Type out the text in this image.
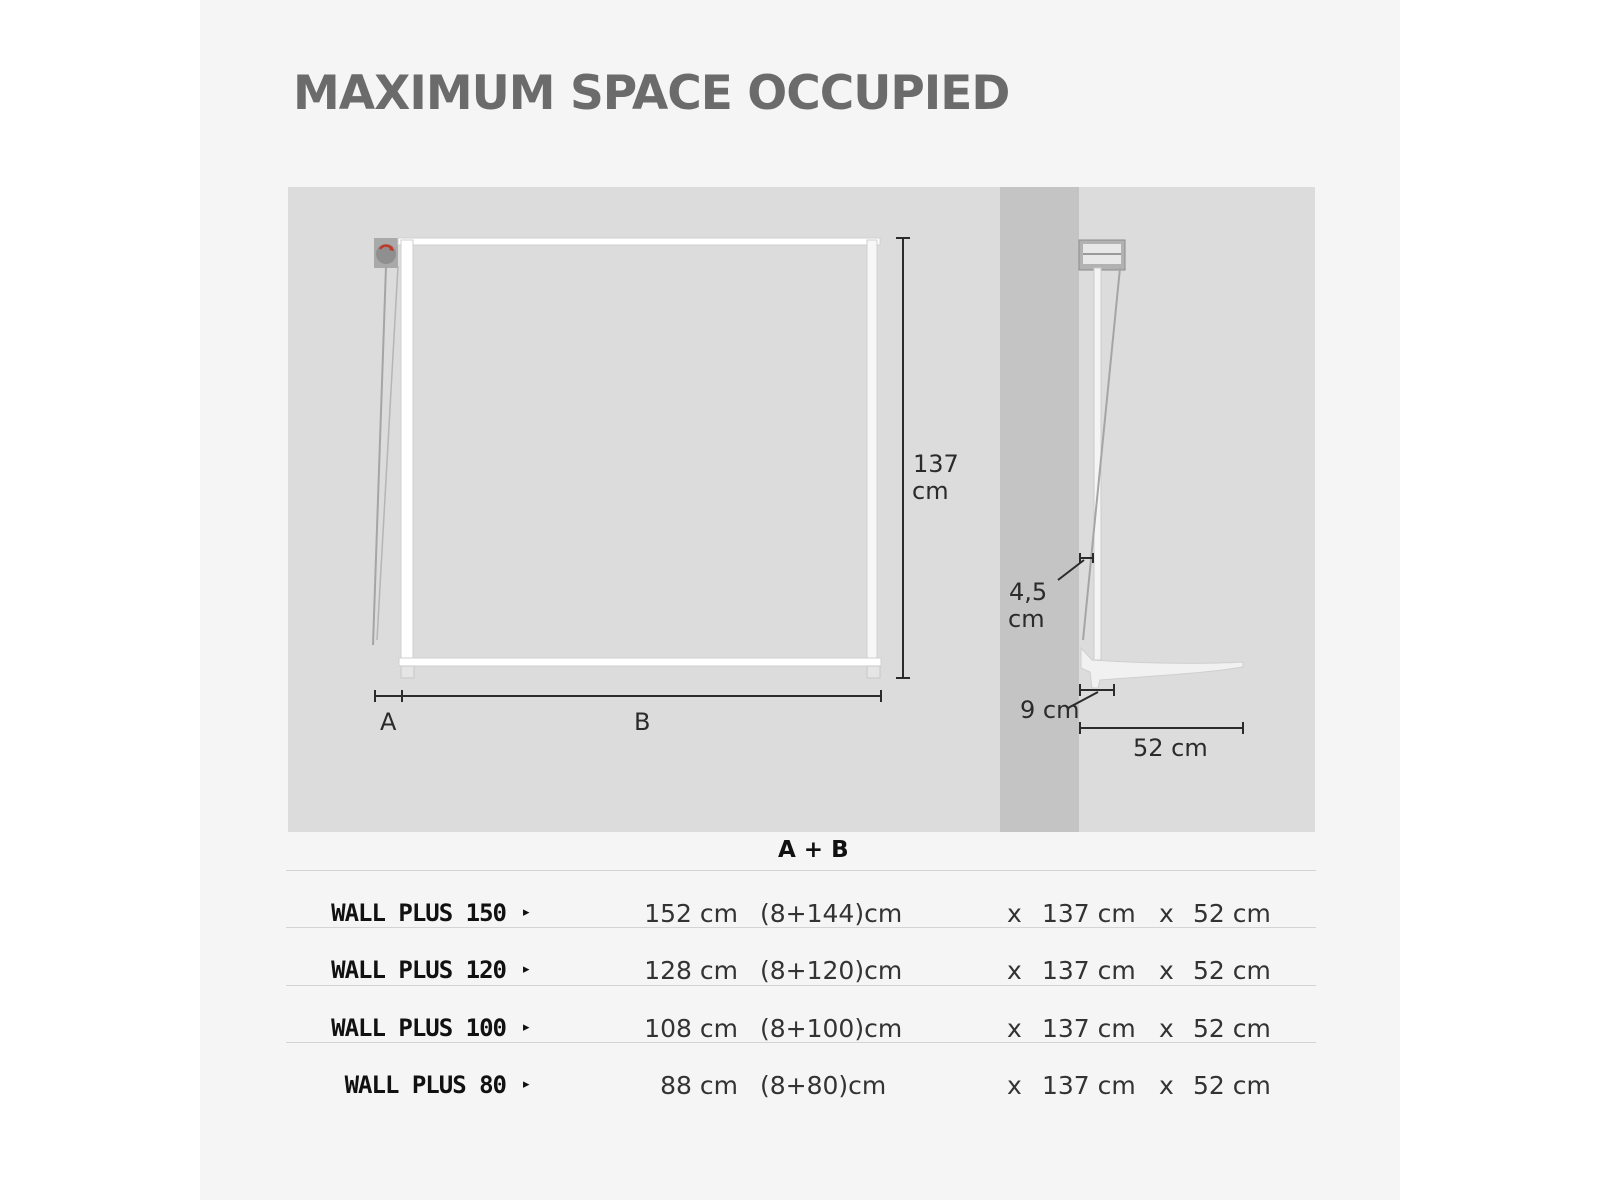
MAXIMUM SPACE OCCUPIED
137
cm
A	B
4,5
cm
9 cm
52 cm
A + B
WALL PLUS 150 ▸	152 cm (8+144)cm	x 137 cm x 52 cm
WALL PLUS 120 ▸	128 cm (8+120)cm	x 137 cm x 52 cm
WALL PLUS 100 ▸	108 cm (8+100)cm	x 137 cm x 52 cm
WALL PLUS 80 ▸	88 cm (8+80)cm	x 137 cm x 52 cm
